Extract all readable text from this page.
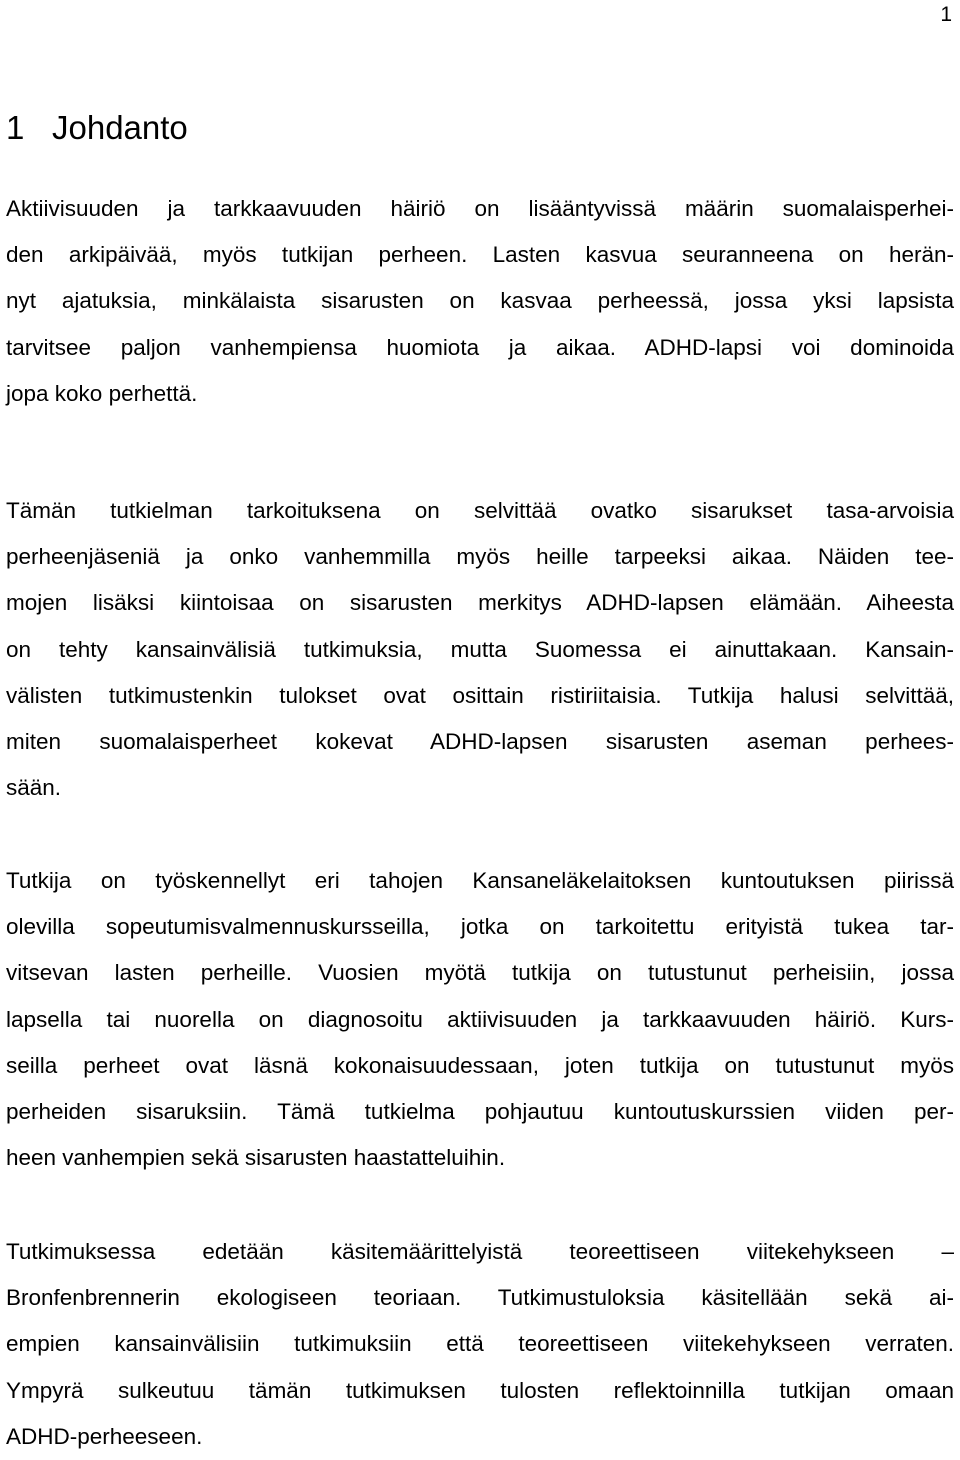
1
1 Johdanto
Aktiivisuuden ja tarkkaavuuden häiriö on lisääntyvissä määrin suomalaisperhei-
den arkipäivää, myös tutkijan perheen. Lasten kasvua seuranneena on herän-
nyt ajatuksia, minkälaista sisarusten on kasvaa perheessä, jossa yksi lapsista
tarvitsee paljon vanhempiensa huomiota ja aikaa. ADHD-lapsi voi dominoida
jopa koko perhettä.
Tämän tutkielman tarkoituksena on selvittää ovatko sisarukset tasa-arvoisia
perheenjäseniä ja onko vanhemmilla myös heille tarpeeksi aikaa. Näiden tee-
mojen lisäksi kiintoisaa on sisarusten merkitys ADHD-lapsen elämään. Aiheesta
on tehty kansainvälisiä tutkimuksia, mutta Suomessa ei ainuttakaan. Kansain-
välisten tutkimustenkin tulokset ovat osittain ristiriitaisia. Tutkija halusi selvittää,
miten suomalaisperheet kokevat ADHD-lapsen sisarusten aseman perhees-
sään.
Tutkija on työskennellyt eri tahojen Kansaneläkelaitoksen kuntoutuksen piirissä
olevilla sopeutumisvalmennuskursseilla, jotka on tarkoitettu erityistä tukea tar-
vitsevan lasten perheille. Vuosien myötä tutkija on tutustunut perheisiin, jossa
lapsella tai nuorella on diagnosoitu aktiivisuuden ja tarkkaavuuden häiriö. Kurs-
seilla perheet ovat läsnä kokonaisuudessaan, joten tutkija on tutustunut myös
perheiden sisaruksiin. Tämä tutkielma pohjautuu kuntoutuskurssien viiden per-
heen vanhempien sekä sisarusten haastatteluihin.
Tutkimuksessa edetään käsitemäärittelyistä teoreettiseen viitekehykseen –
Bronfenbrennerin ekologiseen teoriaan. Tutkimustuloksia käsitellään sekä ai-
empien kansainvälisiin tutkimuksiin että teoreettiseen viitekehykseen verraten.
Ympyrä sulkeutuu tämän tutkimuksen tulosten reflektoinnilla tutkijan omaan
ADHD-perheeseen.
